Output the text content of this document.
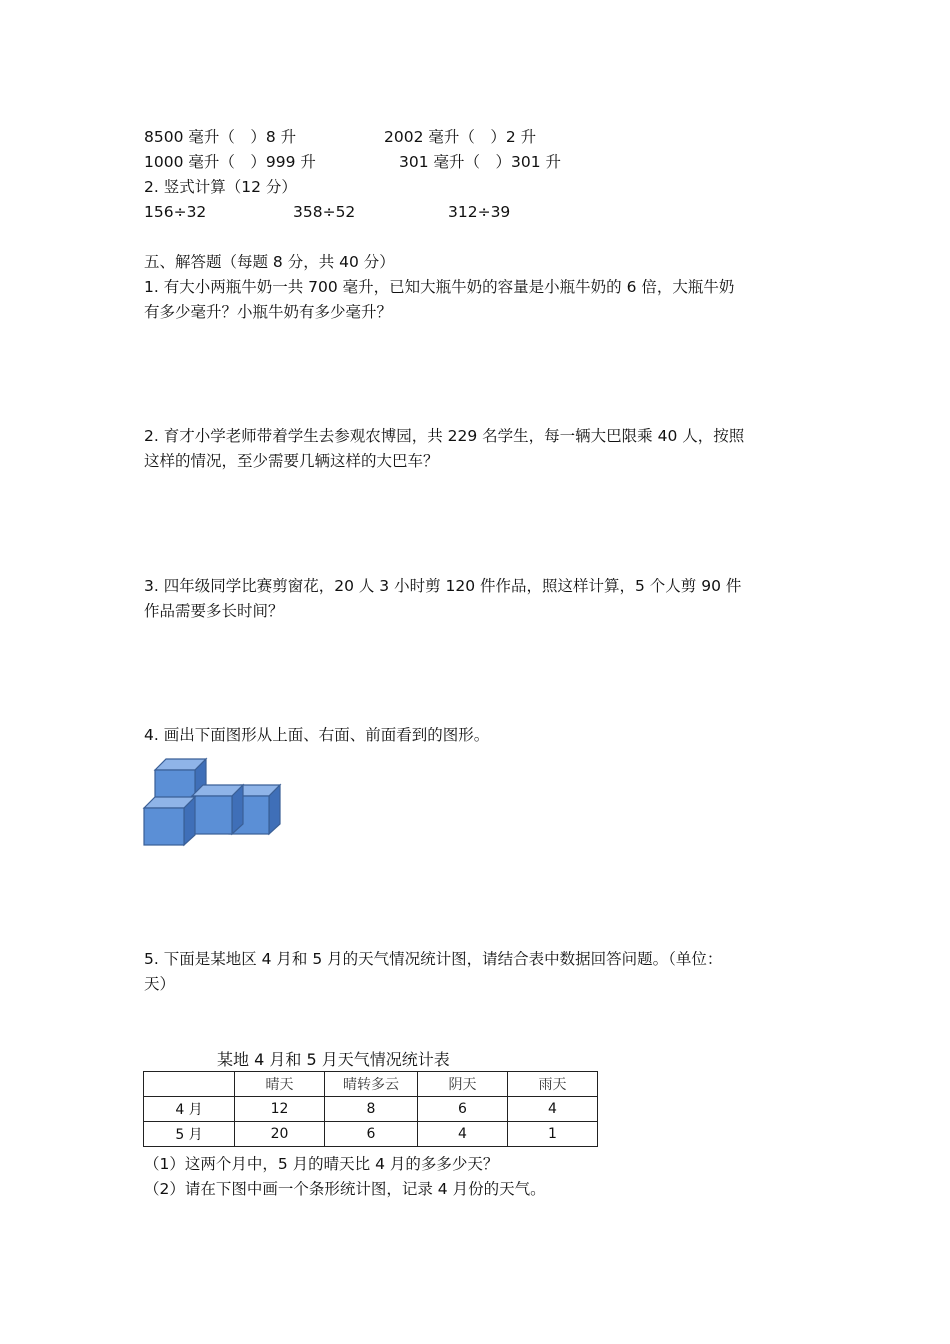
8500 毫升（　）8 升	2002 毫升（　）2 升
1000 毫升（　）999 升	301 毫升（　）301 升
2. 竖式计算（12 分）
156÷32	358÷52	312÷39
五、解答题（每题 8 分，共 40 分）
1. 有大小两瓶牛奶一共 700 毫升，已知大瓶牛奶的容量是小瓶牛奶的 6 倍，大瓶牛奶
有多少毫升？小瓶牛奶有多少毫升？
2. 育才小学老师带着学生去参观农博园，共 229 名学生，每一辆大巴限乘 40 人，按照
这样的情况，至少需要几辆这样的大巴车？
3. 四年级同学比赛剪窗花，20 人 3 小时剪 120 件作品，照这样计算，5 个人剪 90 件
作品需要多长时间？
4. 画出下面图形从上面、右面、前面看到的图形。
5. 下面是某地区 4 月和 5 月的天气情况统计图，请结合表中数据回答问题。（单位：
天）
某地 4 月和 5 月天气情况统计表
	晴天	晴转多云	阴天	雨天
4 月	12	8	6	4
5 月	20	6	4	1
（1）这两个月中，5 月的晴天比 4 月的多多少天？
（2）请在下图中画一个条形统计图，记录 4 月份的天气。
